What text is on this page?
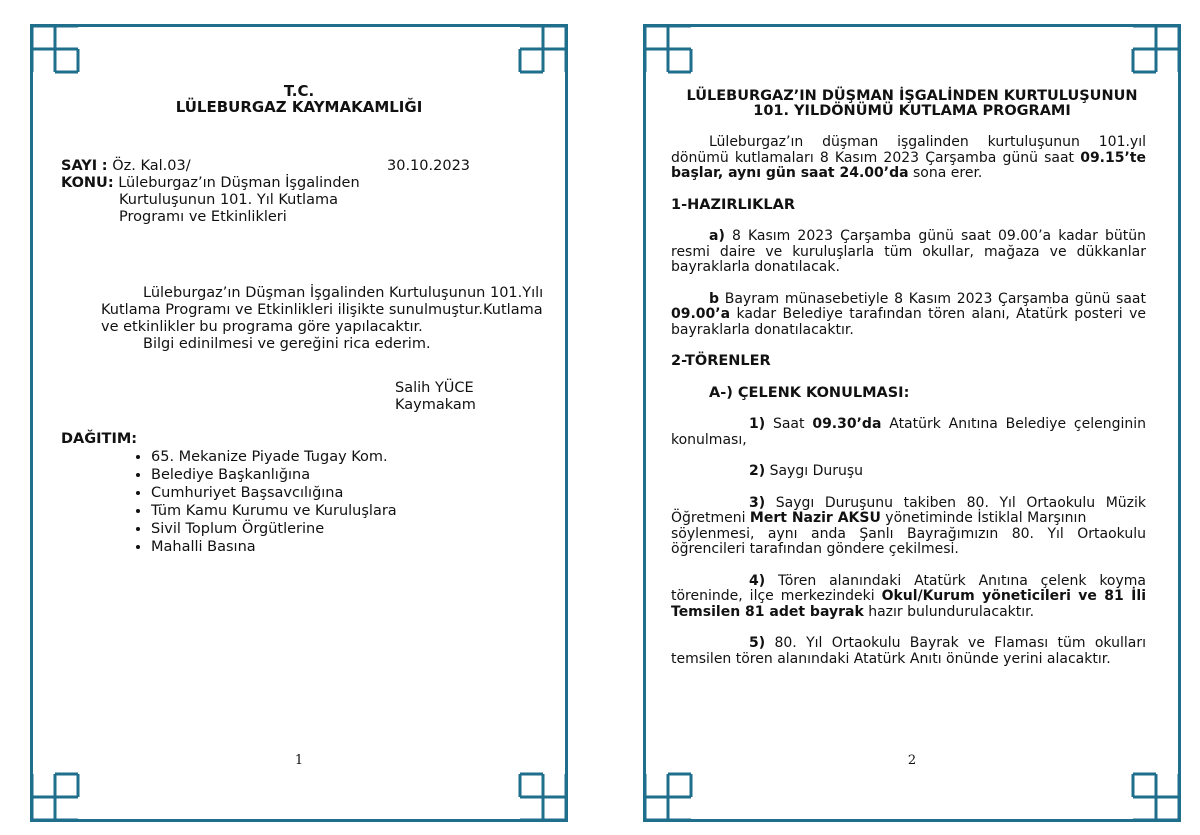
T.C.
LÜLEBURGAZ KAYMAKAMLIĞI
SAYI : Öz. Kal.03/	30.10.2023
KONU: Lüleburgaz’ın Düşman İşgalinden
Kurtuluşunun 101. Yıl Kutlama
Programı ve Etkinlikleri
Lüleburgaz’ın Düşman İşgalinden Kurtuluşunun 101.Yılı
Kutlama Programı ve Etkinlikleri ilişikte sunulmuştur.Kutlama
ve etkinlikler bu programa göre yapılacaktır.
Bilgi edinilmesi ve gereğini rica ederim.
Salih YÜCE
Kaymakam
DAĞITIM:
• 65. Mekanize Piyade Tugay Kom.
• Belediye Başkanlığına
• Cumhuriyet Başsavcılığına
• Tüm Kamu Kurumu ve Kuruluşlara
• Sivil Toplum Örgütlerine
• Mahalli Basına
1
LÜLEBURGAZ’IN DÜŞMAN İŞGALİNDEN KURTULUŞUNUN
101. YILDÖNÜMÜ KUTLAMA PROGRAMI
Lüleburgaz’ın düşman işgalinden kurtuluşunun 101.yıl
dönümü kutlamaları 8 Kasım 2023 Çarşamba günü saat 09.15’te
başlar, aynı gün saat 24.00’da sona erer.
1-HAZIRLIKLAR
a) 8 Kasım 2023 Çarşamba günü saat 09.00’a kadar bütün
resmi daire ve kuruluşlarla tüm okullar, mağaza ve dükkanlar
bayraklarla donatılacak.
b Bayram münasebetiyle 8 Kasım 2023 Çarşamba günü saat
09.00’a kadar Belediye tarafından tören alanı, Atatürk posteri ve
bayraklarla donatılacaktır.
2-TÖRENLER
A-) ÇELENK KONULMASI:
1) Saat 09.30’da Atatürk Anıtına Belediye çelenginin
konulması,
2) Saygı Duruşu
3) Saygı Duruşunu takiben 80. Yıl Ortaokulu Müzik
Öğretmeni Mert Nazir AKSU yönetiminde İstiklal Marşının
söylenmesi, aynı anda Şanlı Bayrağımızın 80. Yıl Ortaokulu
öğrencileri tarafından göndere çekilmesi.
4) Tören alanındaki Atatürk Anıtına çelenk koyma
töreninde, ilçe merkezindeki Okul/Kurum yöneticileri ve 81 İli
Temsilen 81 adet bayrak hazır bulundurulacaktır.
5) 80. Yıl Ortaokulu Bayrak ve Flaması tüm okulları
temsilen tören alanındaki Atatürk Anıtı önünde yerini alacaktır.
2
